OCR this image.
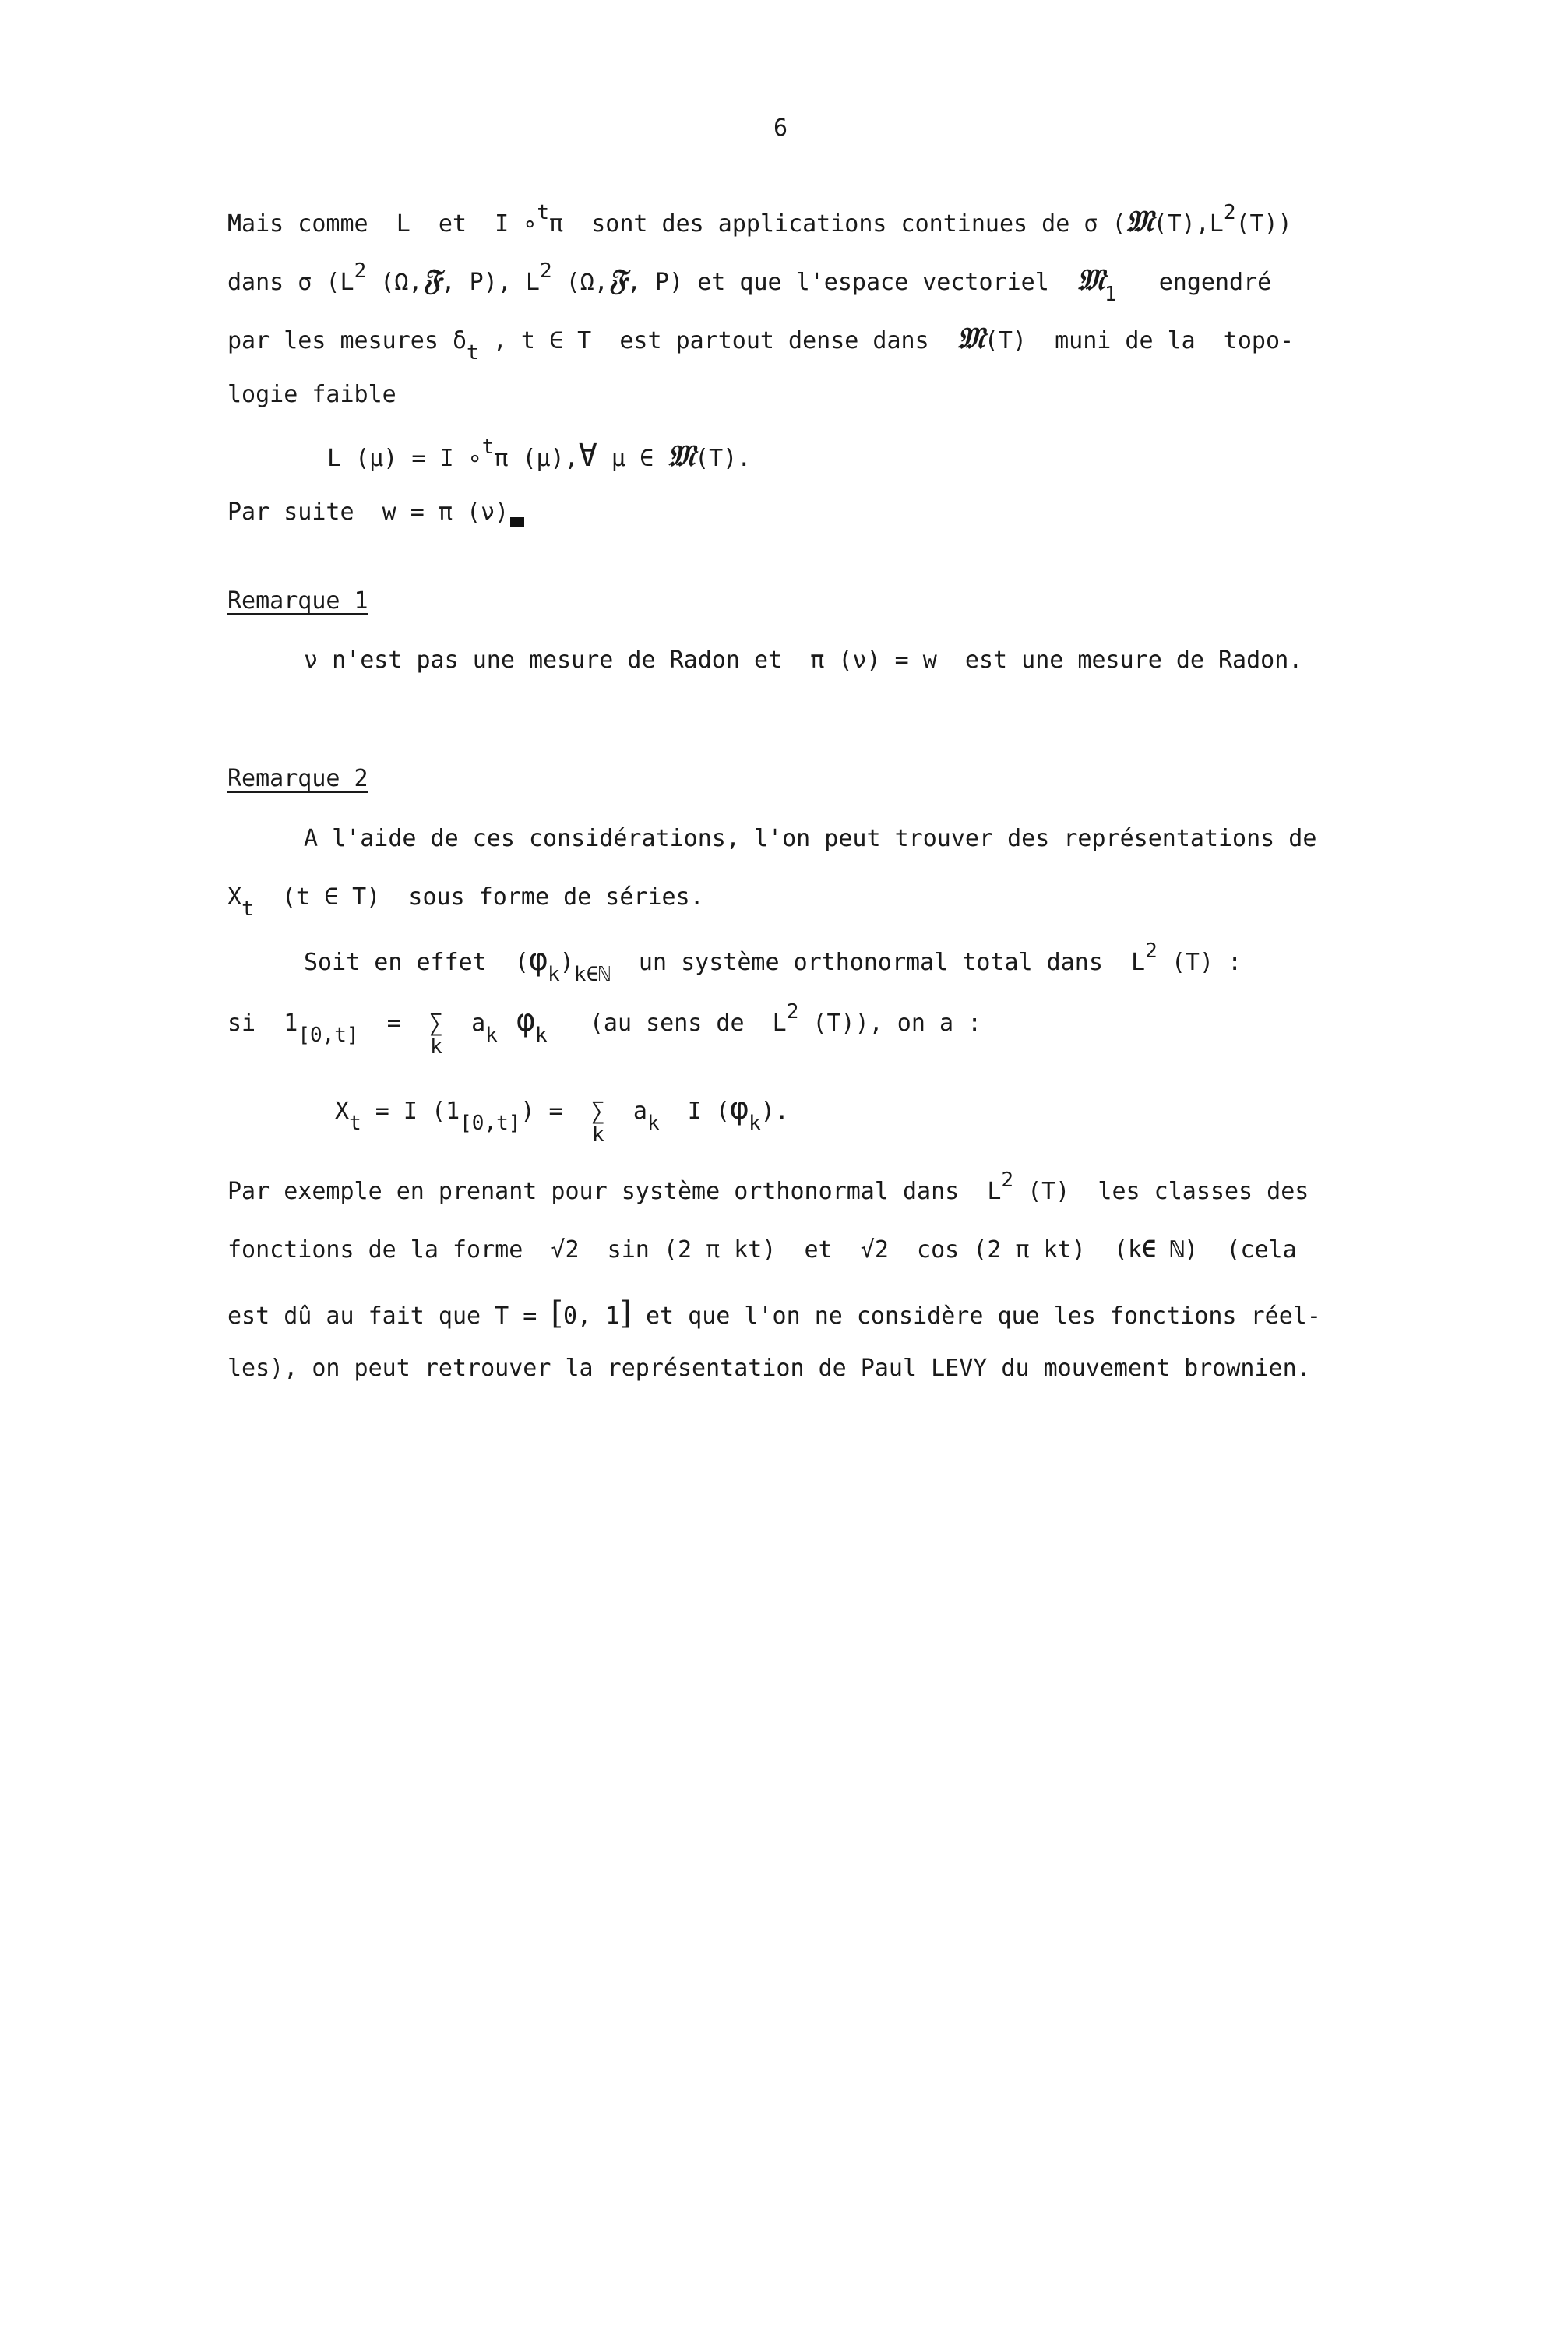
6
Mais comme  L  et  I ∘tπ  sont des applications continues de σ (𝔐(T),L2(T))
dans σ (L2 (Ω,𝔉, P), L2 (Ω,𝔉, P) et que l'espace vectoriel  𝔐1   engendré
par les mesures δt , t ∈ T  est partout dense dans  𝔐(T)  muni de la  topo-
logie faible
L (μ) = I ∘tπ (μ),∀ μ ∈ 𝔐(T).
Par suite  w = π (ν)
Remarque 1
ν n'est pas une mesure de Radon et  π (ν) = w  est une mesure de Radon.
Remarque 2
A l'aide de ces considérations, l'on peut trouver des représentations de
Xt  (t ∈ T)  sous forme de séries.
Soit en effet  (φk)k∈ℕ  un système orthonormal total dans  L2 (T) :
si  1[0,t]  =  ∑
k
ak φk   (au sens de  L2 (T)), on a :
Xt = I (1[0,t]) =  ∑
k
ak  I (φk).
Par exemple en prenant pour système orthonormal dans  L2 (T)  les classes des
fonctions de la forme  √2  sin (2 π kt)  et  √2  cos (2 π kt)  (k∈ ℕ)  (cela
est dû au fait que T = [0, 1] et que l'on ne considère que les fonctions réel-
les), on peut retrouver la représentation de Paul LEVY du mouvement brownien.
